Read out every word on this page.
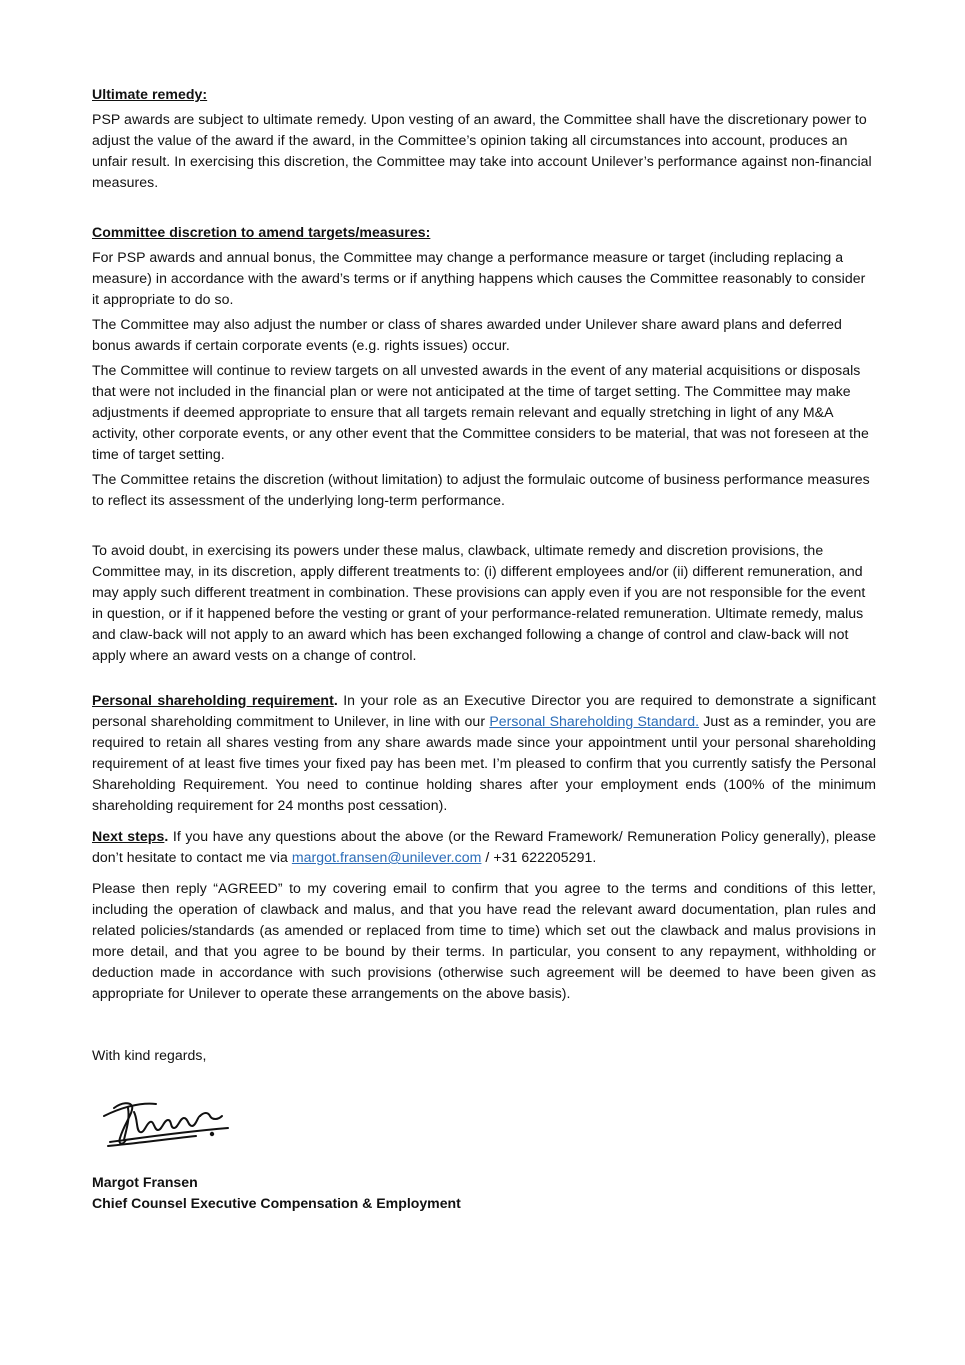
Ultimate remedy:

PSP awards are subject to ultimate remedy. Upon vesting of an award, the Committee shall have the discretionary power to adjust the value of the award if the award, in the Committee’s opinion taking all circumstances into account, produces an unfair result. In exercising this discretion, the Committee may take into account Unilever’s performance against non-financial measures.

Committee discretion to amend targets/measures:

For PSP awards and annual bonus, the Committee may change a performance measure or target (including replacing a measure) in accordance with the award’s terms or if anything happens which causes the Committee reasonably to consider it appropriate to do so.

The Committee may also adjust the number or class of shares awarded under Unilever share award plans and deferred bonus awards if certain corporate events (e.g. rights issues) occur.

The Committee will continue to review targets on all unvested awards in the event of any material acquisitions or disposals that were not included in the financial plan or were not anticipated at the time of target setting. The Committee may make adjustments if deemed appropriate to ensure that all targets remain relevant and equally stretching in light of any M&A activity, other corporate events, or any other event that the Committee considers to be material, that was not foreseen at the time of target setting.

The Committee retains the discretion (without limitation) to adjust the formulaic outcome of business performance measures to reflect its assessment of the underlying long-term performance.

To avoid doubt, in exercising its powers under these malus, clawback, ultimate remedy and discretion provisions, the Committee may, in its discretion, apply different treatments to: (i) different employees and/or (ii) different remuneration, and may apply such different treatment in combination. These provisions can apply even if you are not responsible for the event in question, or if it happened before the vesting or grant of your performance-related remuneration. Ultimate remedy, malus and claw-back will not apply to an award which has been exchanged following a change of control and claw-back will not apply where an award vests on a change of control.

Personal shareholding requirement. In your role as an Executive Director you are required to demonstrate a significant personal shareholding commitment to Unilever, in line with our Personal Shareholding Standard. Just as a reminder, you are required to retain all shares vesting from any share awards made since your appointment until your personal shareholding requirement of at least five times your fixed pay has been met. I’m pleased to confirm that you currently satisfy the Personal Shareholding Requirement. You need to continue holding shares after your employment ends (100% of the minimum shareholding requirement for 24 months post cessation).

Next steps. If you have any questions about the above (or the Reward Framework/ Remuneration Policy generally), please don’t hesitate to contact me via margot.fransen@unilever.com / +31 622205291.

Please then reply “AGREED” to my covering email to confirm that you agree to the terms and conditions of this letter, including the operation of clawback and malus, and that you have read the relevant award documentation, plan rules and related policies/standards (as amended or replaced from time to time) which set out the clawback and malus provisions in more detail, and that you agree to be bound by their terms. In particular, you consent to any repayment, withholding or deduction made in accordance with such provisions (otherwise such agreement will be deemed to have been given as appropriate for Unilever to operate these arrangements on the above basis).

With kind regards,

Margot Fransen
Chief Counsel Executive Compensation & Employment
